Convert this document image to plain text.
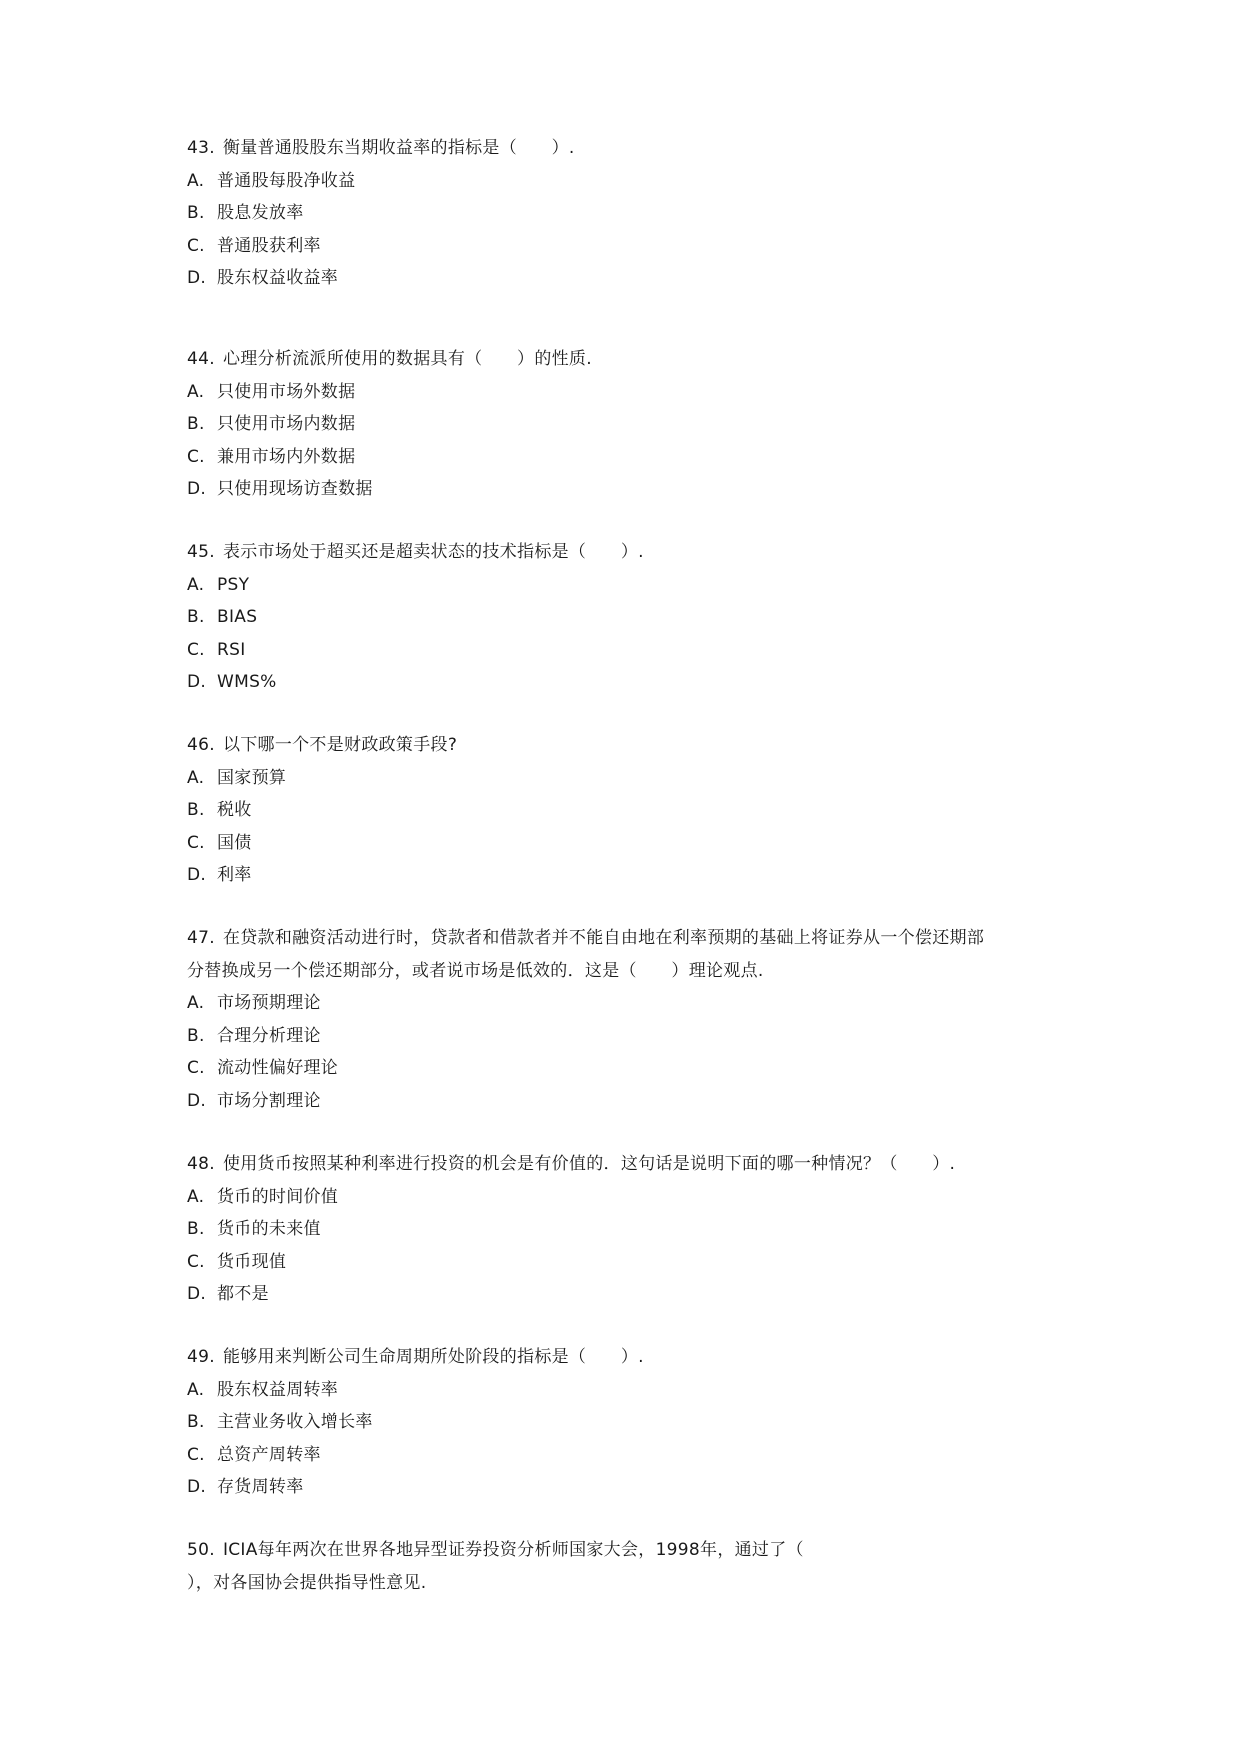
43. 衡量普通股股东当期收益率的指标是（　　）.
A. 普通股每股净收益
B. 股息发放率
C. 普通股获利率
D. 股东权益收益率
44. 心理分析流派所使用的数据具有（　　）的性质.
A. 只使用市场外数据
B. 只使用市场内数据
C. 兼用市场内外数据
D. 只使用现场访查数据
45. 表示市场处于超买还是超卖状态的技术指标是（　　）.
A. PSY
B. BIAS
C. RSI
D. WMS%
46. 以下哪一个不是财政政策手段?
A. 国家预算
B. 税收
C. 国债
D. 利率
47. 在贷款和融资活动进行时，贷款者和借款者并不能自由地在利率预期的基础上将证券从一个偿还期部
分替换成另一个偿还期部分，或者说市场是低效的．这是（　　）理论观点.
A. 市场预期理论
B. 合理分析理论
C. 流动性偏好理论
D. 市场分割理论
48. 使用货币按照某种利率进行投资的机会是有价值的．这句话是说明下面的哪一种情况？（　　）.
A. 货币的时间价值
B. 货币的未来值
C. 货币现值
D. 都不是
49. 能够用来判断公司生命周期所处阶段的指标是（　　）.
A. 股东权益周转率
B. 主营业务收入增长率
C. 总资产周转率
D. 存货周转率
50. ICIA每年两次在世界各地异型证券投资分析师国家大会，1998年，通过了（
），对各国协会提供指导性意见.
